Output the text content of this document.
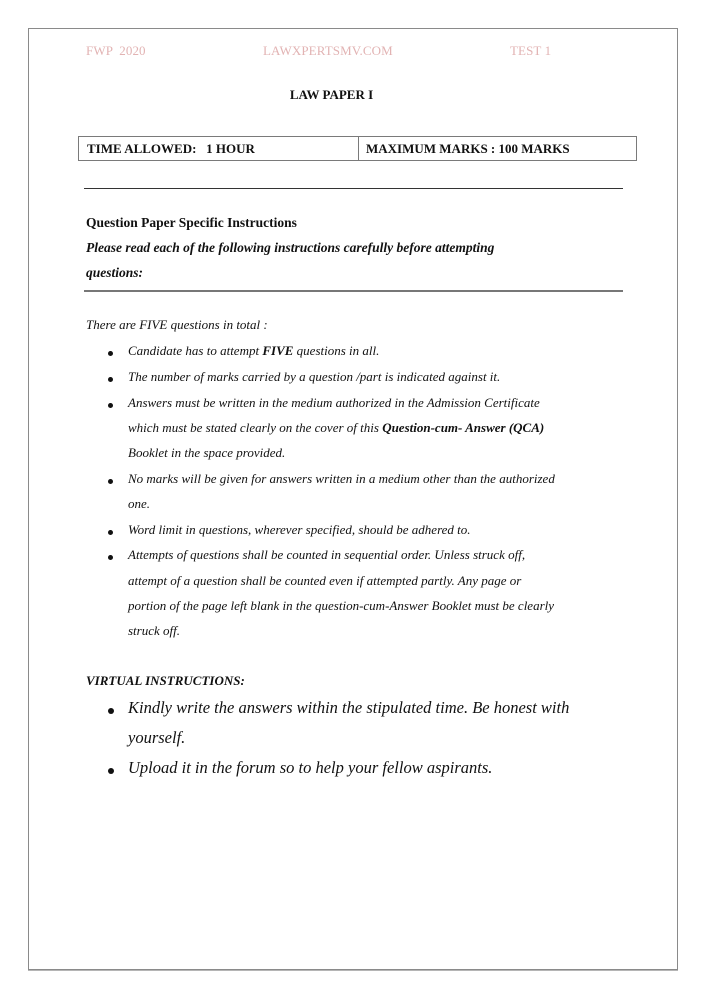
FWP  2020	LAWXPERTSMV.COM	TEST 1
LAW PAPER I
TIME ALLOWED:   1 HOUR	MAXIMUM MARKS : 100 MARKS
Question Paper Specific Instructions
Please read each of the following instructions carefully before attempting
questions:
There are FIVE questions in total :
Candidate has to attempt FIVE questions in all.
The number of marks carried by a question /part is indicated against it.
Answers must be written in the medium authorized in the Admission Certificate
which must be stated clearly on the cover of this Question-cum- Answer (QCA)
Booklet in the space provided.
No marks will be given for answers written in a medium other than the authorized
one.
Word limit in questions, wherever specified, should be adhered to.
Attempts of questions shall be counted in sequential order. Unless struck off,
attempt of a question shall be counted even if attempted partly. Any page or
portion of the page left blank in the question-cum-Answer Booklet must be clearly
struck off.
VIRTUAL INSTRUCTIONS:
Kindly write the answers within the stipulated time. Be honest with
yourself.
Upload it in the forum so to help your fellow aspirants.
